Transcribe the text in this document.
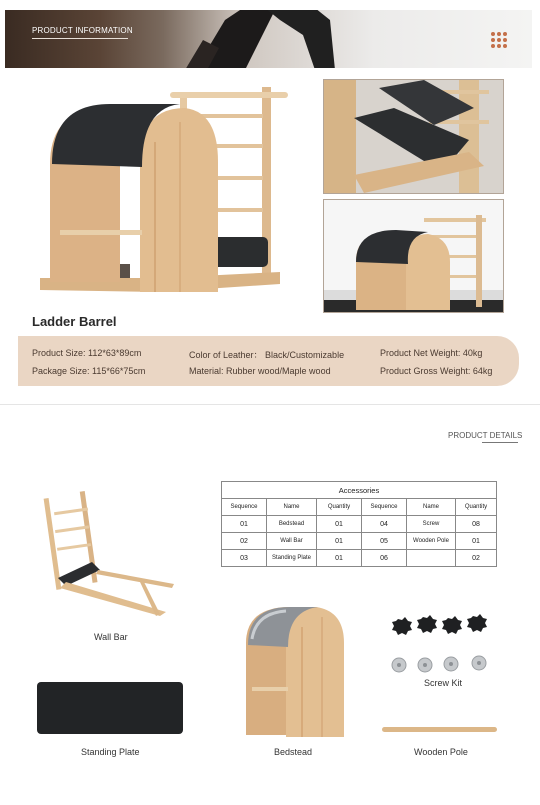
PRODUCT INFORMATION
Ladder Barrel
Product Size: 112*63*89cm	Color of Leather： Black/Customizable	Product Net Weight: 40kg
Package Size: 115*66*75cm	Material: Rubber wood/Maple wood	Product Gross Weight: 64kg
PRODUCT DETAILS
Accessories					
Sequence	Name	Quantity	Sequence	Name	Quantity
01	Bedstead	01	04	Screw	08
02	Wall Bar	01	05	Wooden Pole	01
03	Standing Plate	01	06		02
Wall Bar
Standing Plate	Bedstead
Screw Kit
Wooden Pole
